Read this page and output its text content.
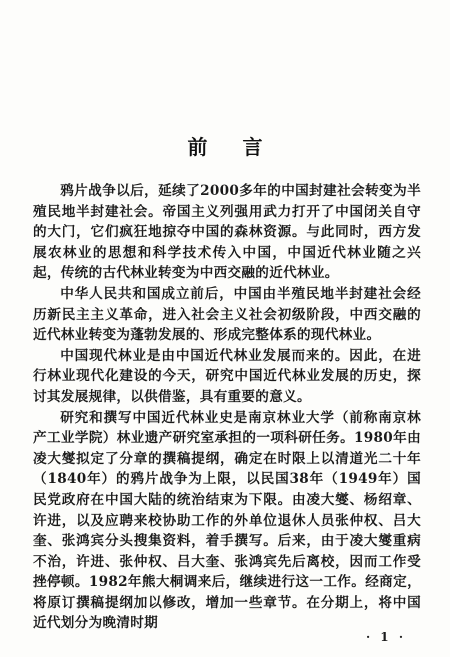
前 言

鸦片战争以后，延续了2000多年的中国封建社会转变为半殖民地半封建社会。帝国主义列强用武力打开了中国闭关自守的大门，它们疯狂地掠夺中国的森林资源。与此同时，西方发展农林业的思想和科学技术传入中国，中国近代林业随之兴起，传统的古代林业转变为中西交融的近代林业。

中华人民共和国成立前后，中国由半殖民地半封建社会经历新民主主义革命，进入社会主义社会初级阶段，中西交融的近代林业转变为蓬勃发展的、形成完整体系的现代林业。

中国现代林业是由中国近代林业发展而来的。因此，在进行林业现代化建设的今天，研究中国近代林业发展的历史，探讨其发展规律，以供借鉴，具有重要的意义。

研究和撰写中国近代林业史是南京林业大学（前称南京林产工业学院）林业遗产研究室承担的一项科研任务。1980年由凌大燮拟定了分章的撰稿提纲，确定在时限上以清道光二十年（1840年）的鸦片战争为上限，以民国38年（1949年）国民党政府在中国大陆的统治结束为下限。由凌大燮、杨绍章、许进，以及应聘来校协助工作的外单位退休人员张仲权、吕大奎、张鸿宾分头搜集资料，着手撰写。后来，由于凌大燮重病不治，许进、张仲权、吕大奎、张鸿宾先后离校，因而工作受挫停顿。1982年熊大桐调来后，继续进行这一工作。经商定，将原订撰稿提纲加以修改，增加一些章节。在分期上，将中国近代划分为晚清时期

· 1 ·
